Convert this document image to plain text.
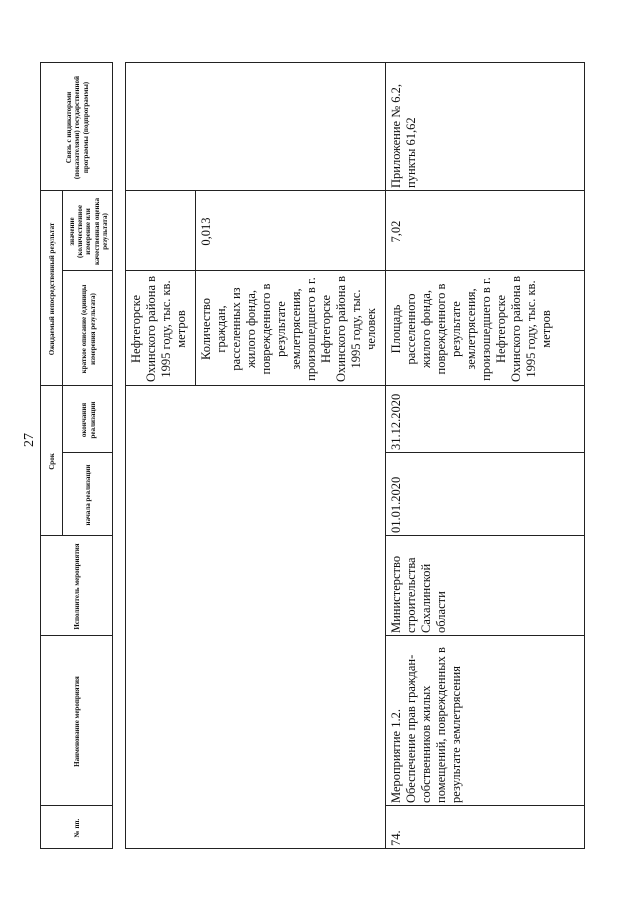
27
№ пп.
Наименование мероприятия
Исполнитель мероприятия
Срок
начала реализации
окончания реализации
Ожидаемый непосредственный результат	краткое описание (единицы измерения результата)
значение (количественное измерение или качественная оценка результата)
Связь с индикаторами (показателями) государственной программы (подпрограммы)
Нефтегорске Охинского района в 1995 году, тыс. кв. метров Количество граждан, расселенных из жилого фонда, поврежденного в результате землетрясения, произошедшего в г. Нефтегорске Охинского района в 1995 году, тыс. человек
0,013
74.
Мероприятие 1.2. Обеспечение прав граждан-собственников жилых помещений, поврежденных в результате землетрясения
Министерство строительства Сахалинской области
01.01.2020
31.12.2020
Площадь расселенного жилого фонда, поврежденного в результате землетрясения, произошедшего в г. Нефтегорске Охинского района в 1995 году, тыс. кв. метров
7,02
Приложение № 6.2, пункты 61,62
